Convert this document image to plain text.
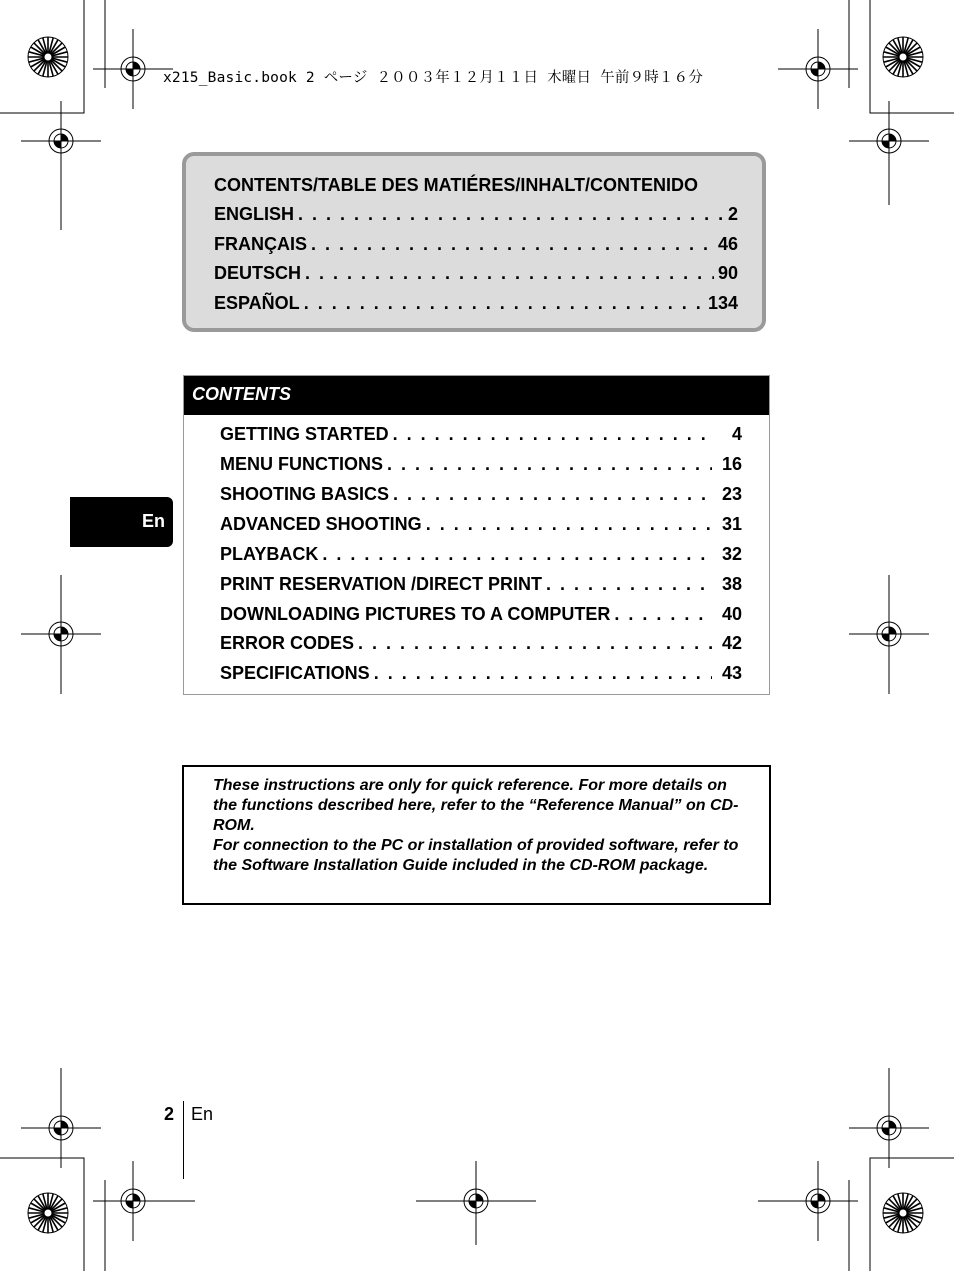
x215_Basic.book 2 ページ ２００３年１２月１１日 木曜日 午前９時１６分
CONTENTS/TABLE DES MATIÉRES/INHALT/CONTENIDO
ENGLISH . . .	2
FRANÇAIS . . .	46
DEUTSCH . . .	90
ESPAÑOL . . .	134
CONTENTS
GETTING STARTED . . .	4
MENU FUNCTIONS . . .	16
SHOOTING BASICS . . .	23
ADVANCED SHOOTING . . .	31
PLAYBACK . . .	32
PRINT RESERVATION /DIRECT PRINT . . .	38
DOWNLOADING PICTURES TO A COMPUTER . . .	40
ERROR CODES . . .	42
SPECIFICATIONS . . .	43
En

These instructions are only for quick reference. For more details on the functions described here, refer to the “Reference Manual” on CD-ROM.
For connection to the PC or installation of provided software, refer to the Software Installation Guide included in the CD-ROM package.

2 En
